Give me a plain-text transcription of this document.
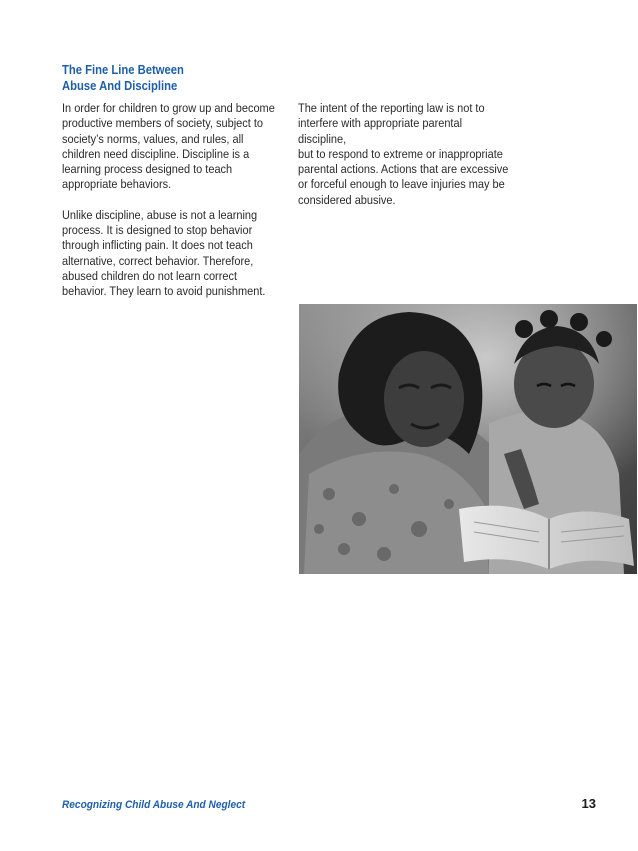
The Fine Line Between
Abuse And Discipline

In order for children to grow up and become
productive members of society, subject to
society’s norms, values, and rules, all
children need discipline. Discipline is a
learning process designed to teach
appropriate behaviors.

Unlike discipline, abuse is not a learning
process. It is designed to stop behavior
through inflicting pain. It does not teach
alternative, correct behavior. Therefore,
abused children do not learn correct
behavior. They learn to avoid punishment.

The intent of the reporting law is not to
interfere with appropriate parental discipline,
but to respond to extreme or inappropriate
parental actions. Actions that are excessive
or forceful enough to leave injuries may be
considered abusive.

Recognizing Child Abuse And Neglect	13
